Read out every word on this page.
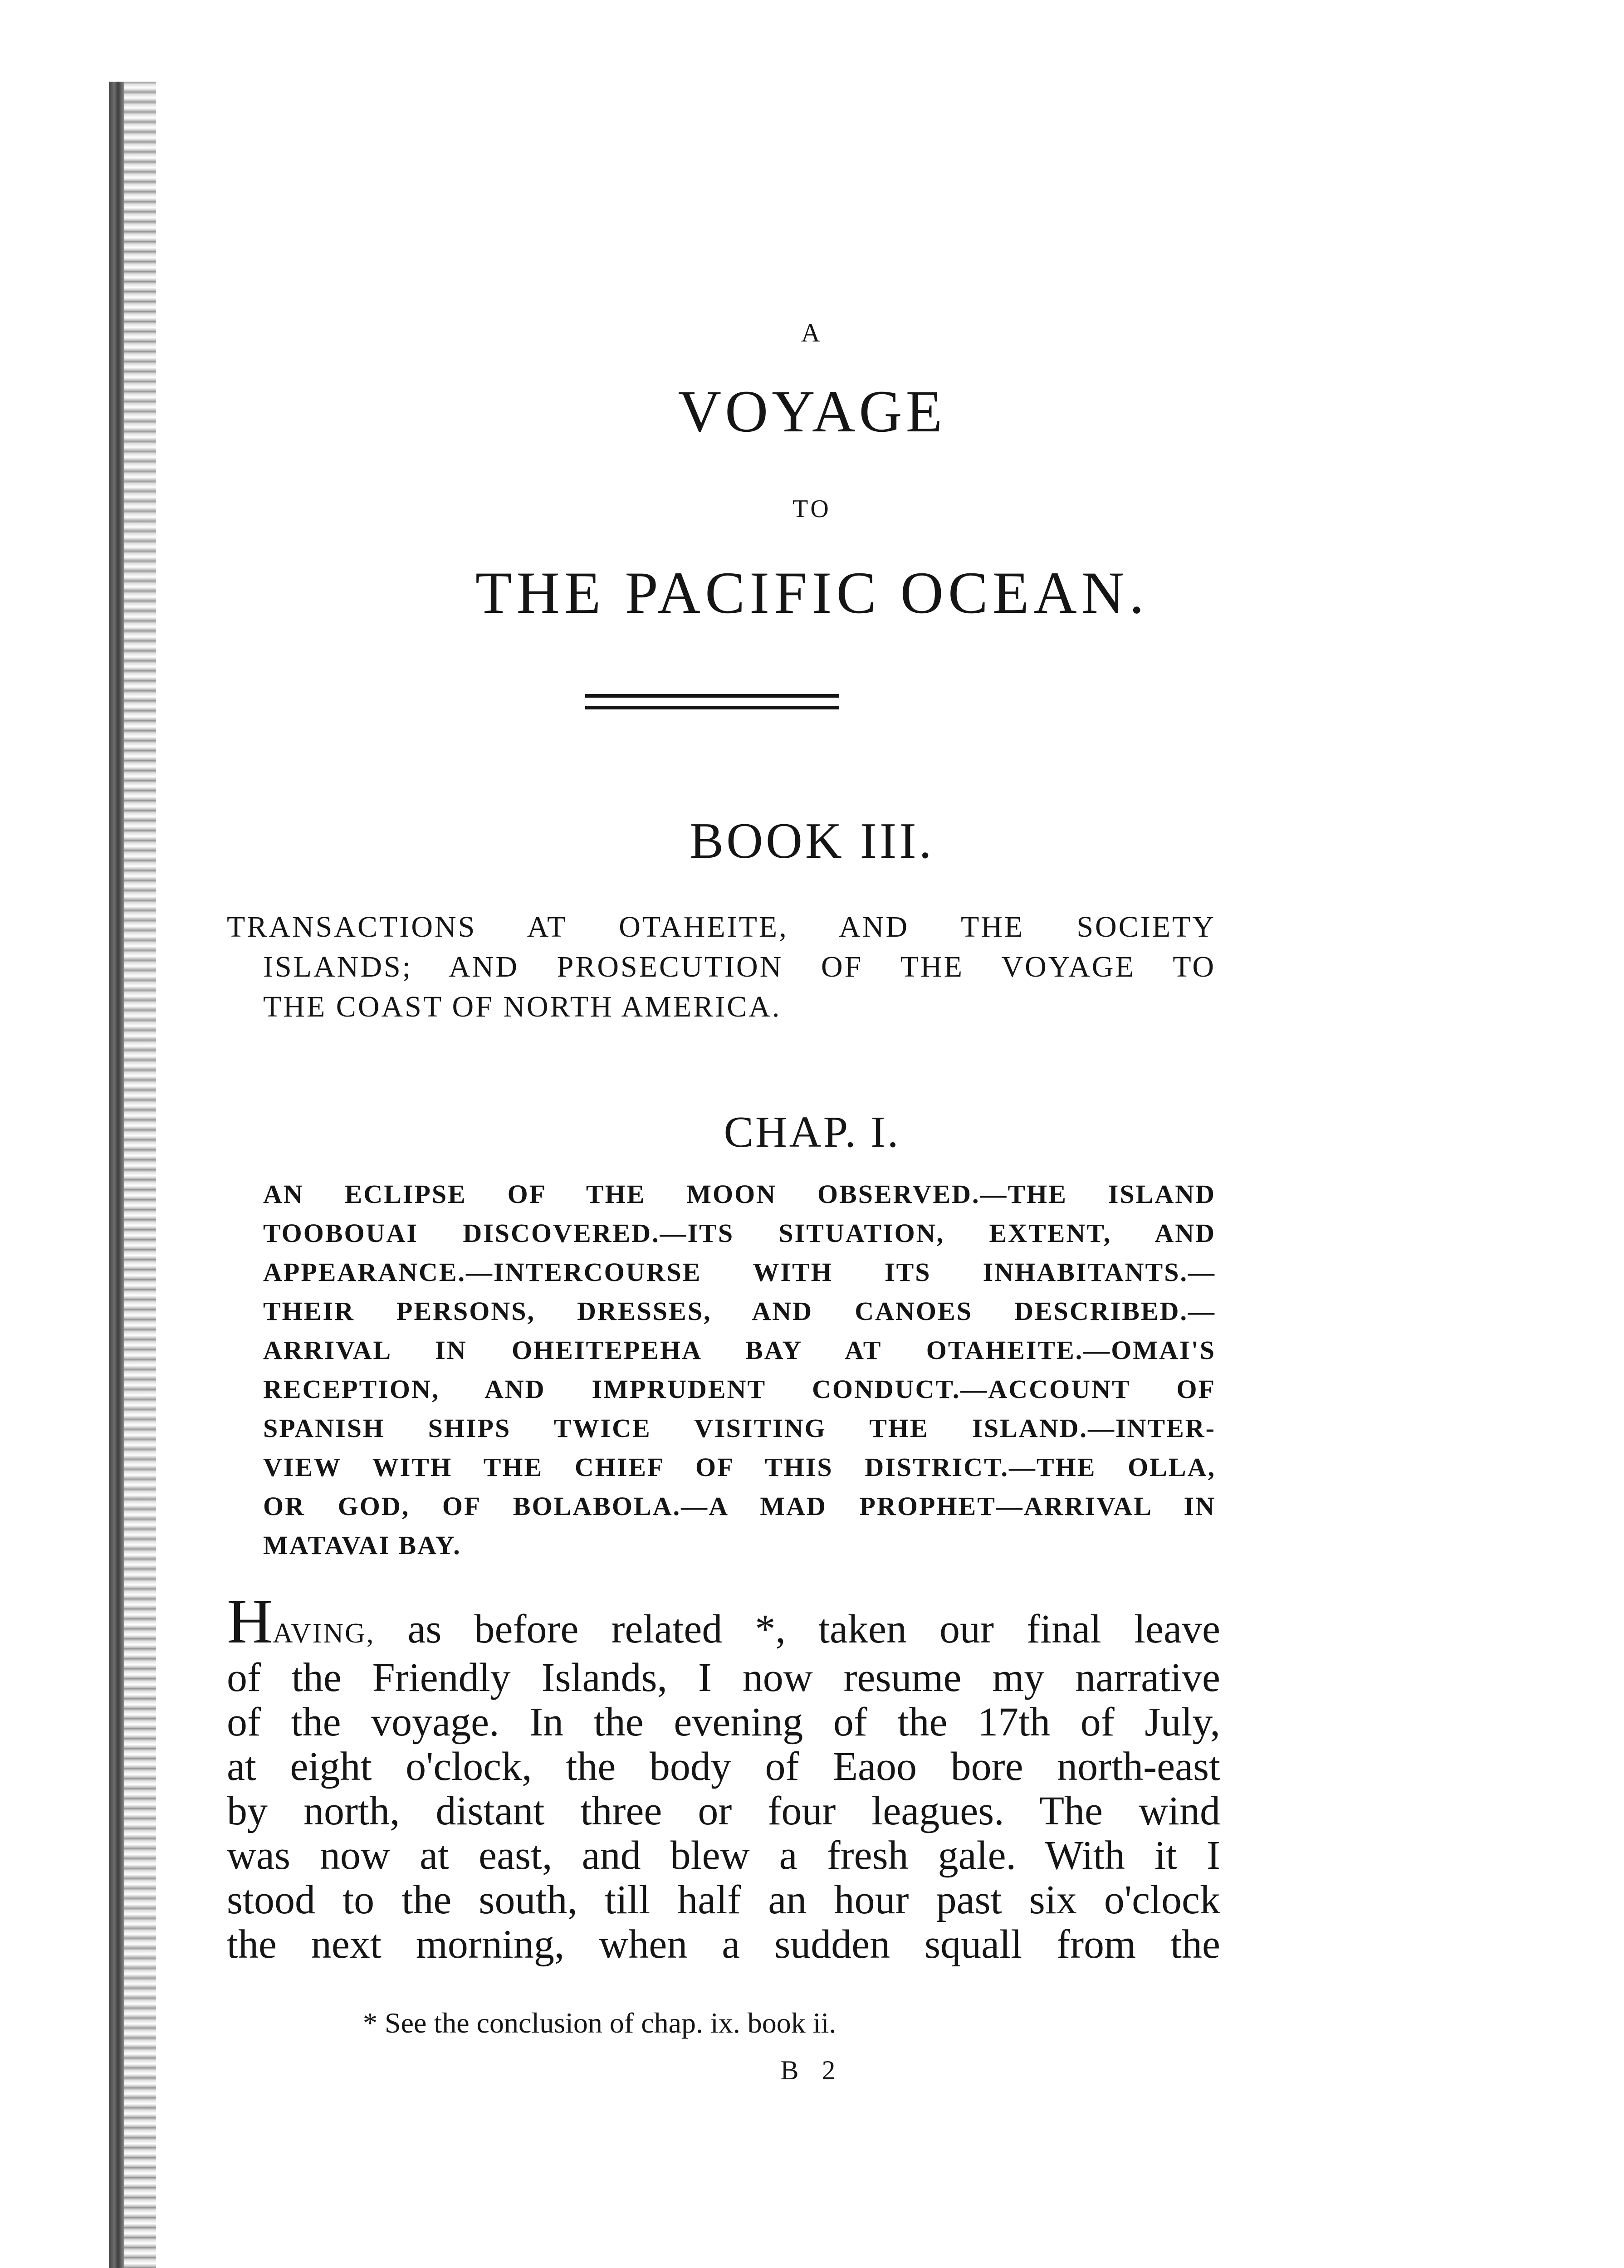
A
VOYAGE
TO
THE PACIFIC OCEAN.
BOOK III.
TRANSACTIONS AT OTAHEITE, AND THE SOCIETY
ISLANDS; AND PROSECUTION OF THE VOYAGE TO
THE COAST OF NORTH AMERICA.
CHAP. I.
AN ECLIPSE OF THE MOON OBSERVED.—THE ISLAND
TOOBOUAI DISCOVERED.—ITS SITUATION, EXTENT, AND
APPEARANCE.—INTERCOURSE WITH ITS INHABITANTS.—
THEIR PERSONS, DRESSES, AND CANOES DESCRIBED.—
ARRIVAL IN OHEITEPEHA BAY AT OTAHEITE.—OMAI'S
RECEPTION, AND IMPRUDENT CONDUCT.—ACCOUNT OF
SPANISH SHIPS TWICE VISITING THE ISLAND.—INTER-
VIEW WITH THE CHIEF OF THIS DISTRICT.—THE OLLA,
OR GOD, OF BOLABOLA.—A MAD PROPHET—ARRIVAL IN
MATAVAI BAY.
HAVING, as before related *, taken our final leave
of the Friendly Islands, I now resume my narrative
of the voyage. In the evening of the 17th of July,
at eight o'clock, the body of Eaoo bore north-east
by north, distant three or four leagues. The wind
was now at east, and blew a fresh gale. With it I
stood to the south, till half an hour past six o'clock
the next morning, when a sudden squall from the
* See the conclusion of chap. ix. book ii.
B 2
